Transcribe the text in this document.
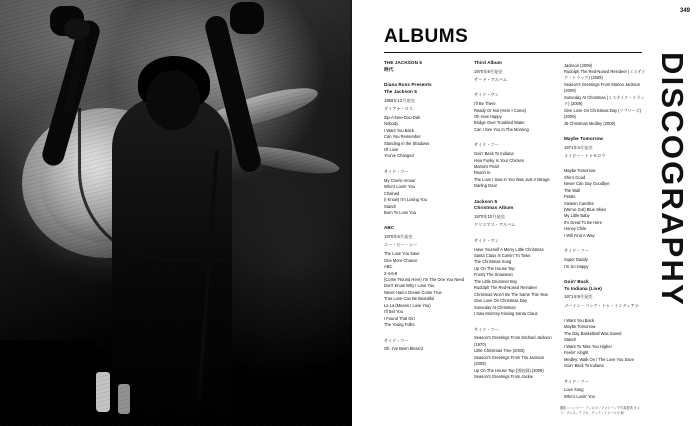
349
ALBUMS
DISCOGRAPHY
THE JACKSON 5
時代
Diana Ross Presents
The Jackson 5
1969年12月発売
ダイアナ・ロス
Zip-A-Dee-Doo-Dah
Nobody
I Want You Back
Can You Remember
Standing in the Shadows
Of Love
You've Changed
サイド・ツー
My Cherie Amour
Who's Lovin' You
Chained
(I Know) I'm Losing You
Stand!
Born To Love You
ABC
1970年5月発売
エー・ビー・シー
The Love You Save
One More Chance
ABC
2-4-6-8
(Come 'Round Here) I'm The One You Need
Don't Know Why I Love You
Never Had A Dream Come True
True Love Can Be Beautiful
La La (Means I Love You)
I'll Bet You
I Found That Girl
The Young Folks
サイド・ツー
Oh, I've Been Bless'd
Third Album
1970年9月発売
サード・アルバム
サイド・ワン
I'll Be There
Ready Or Not (Here I Come)
Oh How Happy
Bridge Over Troubled Water
Can I See You In The Morning
サイド・ツー
Goin' Back To Indiana
How Funky Is Your Chicken
Mama's Pearl
Reach In
The Love I Saw in You Was Just A Mirage
Darling Dear
Jackson 5
Christmas Album
1970年10月発売
クリスマス・アルバム
サイド・ワン
Have Yourself A Merry Little Christmas
Santa Claus Is Comin' To Town
The Christmas Song
Up On The House Top
Frosty The Snowman
The Little Drummer Boy
Rudolph The Red-Nosed Reindeer
Christmas Won't Be The Same This Year
Give Love On Christmas Day
Someday At Christmas
I Saw Mommy Kissing Santa Claus
サイド・ツー
Season's Greetings From Michael Jackson (1970)
Little Christmas Tree (2003)
Season's Greetings From Tito Jackson (2009)
Up On The House Top (別収録) (2009)
Season's Greetings From Jackie
Jackson (2009)
Rudolph The Red-Nosed Reindeer (ミステイク・トラック) (2009)
Season's Greetings From Marlon Jackson (2009)
Someday At Christmas (ミステイク・トラック) (2009)
Give Love On Christmas Day (リプリーズ) (2009)
J5 Christmas Medley (2009)
Maybe Tomorrow
1971年4月発売
メイビー・トゥモロウ
Maybe Tomorrow
She's Good
Never Can Say Goodbye
The Wall
Petals
Sixteen Candles
(We've Got) Blue Skies
My Little Baby
It's Great To Be Here
Honey Chile
I Will Find A Way
サイド・ツー
Super Daddy
I'm So Happy
Goin' Back
To Indiana (Live)
1971年9月発売
ゴーイン・バック・トゥ・インディアナ
I Want You Back
Maybe Tomorrow
The Day Basketball Was Saved
Stand!
I Want To Take You Higher
Feelin' Alright
Medley: Walk On / The Love You Save
Goin' Back To Indiana
サイド・ツー
Love Song
Who's Lovin' You
撮影＝ヘンリー・ディルツ／フォトバンク写真提供 カメラ・プレス／アフロ、ゲッティイメージズ 他
